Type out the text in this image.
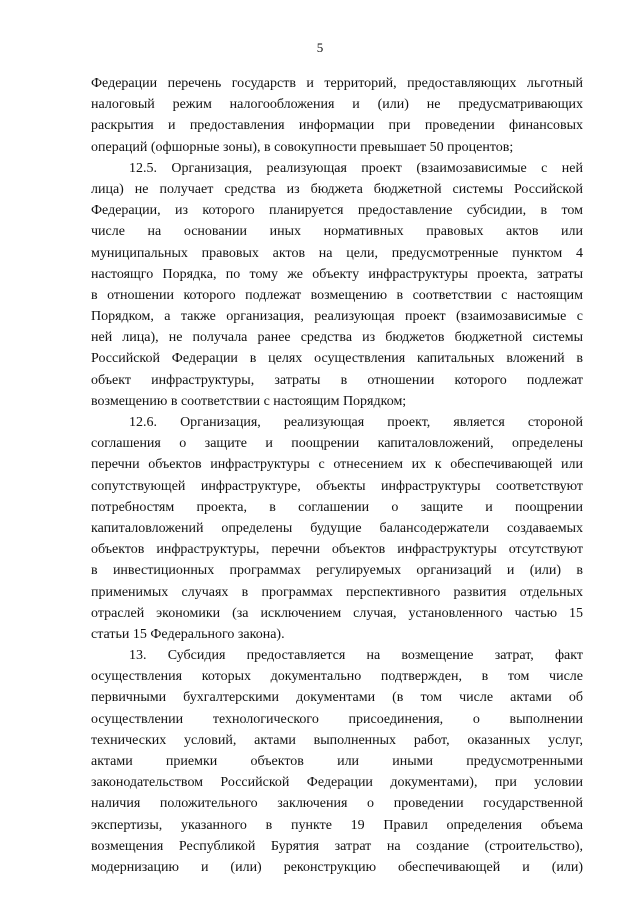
5
Федерации перечень государств и территорий, предоставляющих льготный
налоговый режим налогообложения и (или) не предусматривающих
раскрытия и предоставления информации при проведении финансовых
операций (офшорные зоны), в совокупности превышает 50 процентов;
12.5. Организация, реализующая проект (взаимозависимые с ней
лица) не получает средства из бюджета бюджетной системы Российской
Федерации, из которого планируется предоставление субсидии, в том
числе на основании иных нормативных правовых актов или
муниципальных правовых актов на цели, предусмотренные пунктом 4
настоящго Порядка, по тому же объекту инфраструктуры проекта, затраты
в отношении которого подлежат возмещению в соответствии с настоящим
Порядком, а также организация, реализующая проект (взаимозависимые с
ней лица), не получала ранее средства из бюджетов бюджетной системы
Российской Федерации в целях осуществления капитальных вложений в
объект инфраструктуры, затраты в отношении которого подлежат
возмещению в соответствии с настоящим Порядком;
12.6. Организация, реализующая проект, является стороной
соглашения о защите и поощрении капиталовложений, определены
перечни объектов инфраструктуры с отнесением их к обеспечивающей или
сопутствующей инфраструктуре, объекты инфраструктуры соответствуют
потребностям проекта, в соглашении о защите и поощрении
капиталовложений определены будущие балансодержатели создаваемых
объектов инфраструктуры, перечни объектов инфраструктуры отсутствуют
в инвестиционных программах регулируемых организаций и (или) в
применимых случаях в программах перспективного развития отдельных
отраслей экономики (за исключением случая, установленного частью 15
статьи 15 Федерального закона).
13. Субсидия предоставляется на возмещение затрат, факт
осуществления которых документально подтвержден, в том числе
первичными бухгалтерскими документами (в том числе актами об
осуществлении технологического присоединения, о выполнении
технических условий, актами выполненных работ, оказанных услуг,
актами приемки объектов или иными предусмотренными
законодательством Российской Федерации документами), при условии
наличия положительного заключения о проведении государственной
экспертизы, указанного в пункте 19 Правил определения объема
возмещения Республикой Бурятия затрат на создание (строительство),
модернизацию и (или) реконструкцию обеспечивающей и (или)
